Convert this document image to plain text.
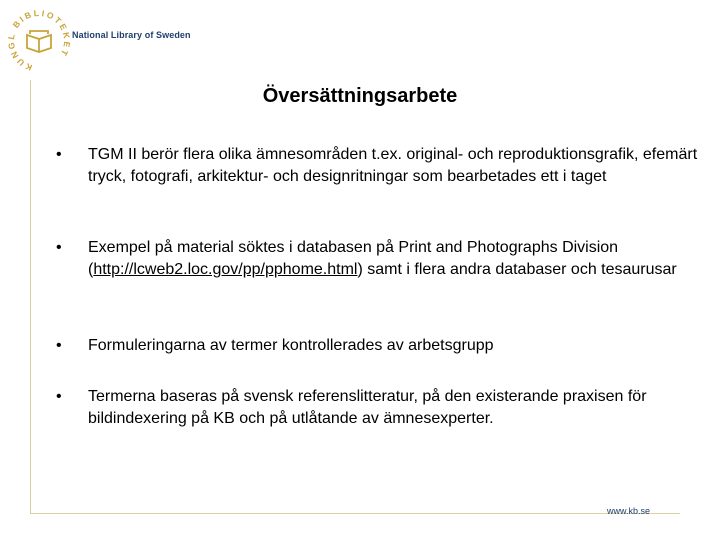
KUNGL BIBLIOTEKET
National Library of Sweden
Översättningsarbete
• TGM II berör flera olika ämnesområden t.ex. original- och reproduktionsgrafik, efemärt tryck, fotografi, arkitektur- och designritningar som bearbetades ett i taget
• Exempel på material söktes i databasen på Print and Photographs Division (http://lcweb2.loc.gov/pp/pphome.html) samt i flera andra databaser och tesaurusar
• Formuleringarna av termer kontrollerades av arbetsgrupp
• Termerna baseras på svensk referenslitteratur, på den existerande praxisen för bildindexering på KB och på utlåtande av ämnesexperter.
www.kb.se
